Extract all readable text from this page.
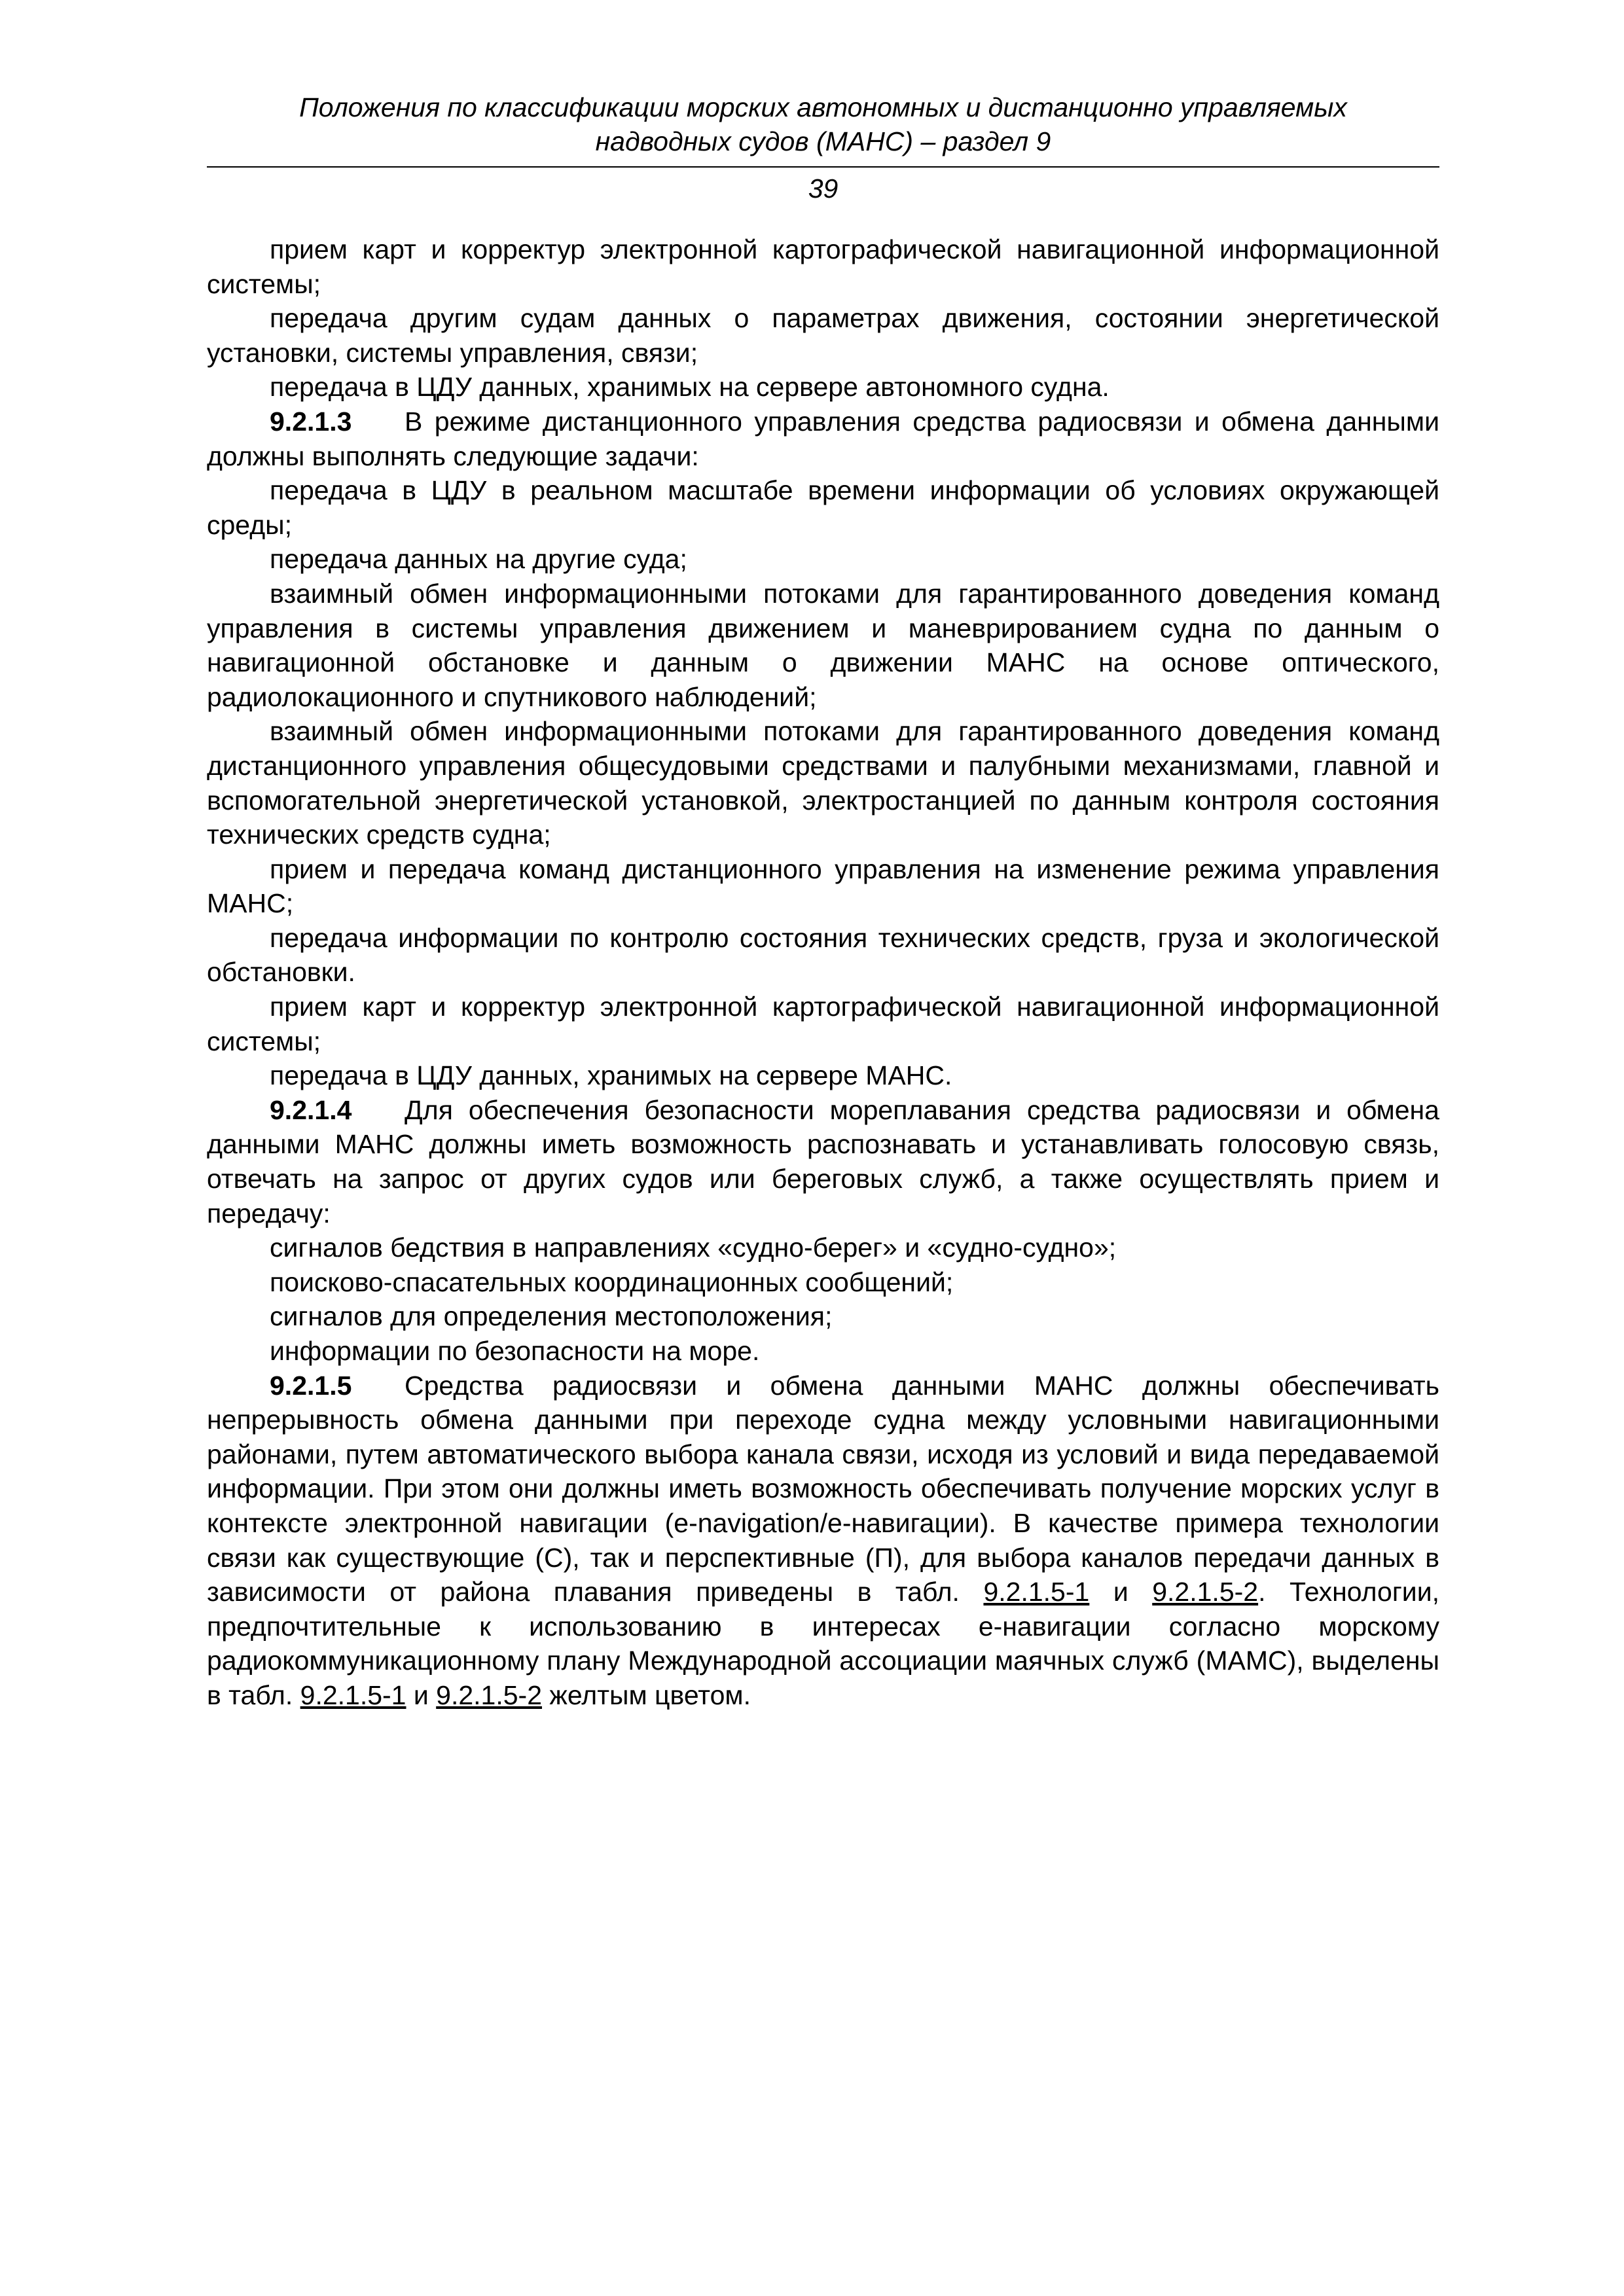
Положения по классификации морских автономных и дистанционно управляемых
надводных судов (МАНС) – раздел 9
39

прием карт и корректур электронной картографической навигационной информационной системы;

передача другим судам данных о параметрах движения, состоянии энергетической установки, системы управления, связи;

передача в ЦДУ данных, хранимых на сервере автономного судна.

9.2.1.3 В режиме дистанционного управления средства радиосвязи и обмена данными должны выполнять следующие задачи:

передача в ЦДУ в реальном масштабе времени информации об условиях окружающей среды;

передача данных на другие суда;

взаимный обмен информационными потоками для гарантированного доведения команд управления в системы управления движением и маневрированием судна по данным о навигационной обстановке и данным о движении МАНС на основе оптического, радиолокационного и спутникового наблюдений;

взаимный обмен информационными потоками для гарантированного доведения команд дистанционного управления общесудовыми средствами и палубными механизмами, главной и вспомогательной энергетической установкой, электростанцией по данным контроля состояния технических средств судна;

прием и передача команд дистанционного управления на изменение режима управления МАНС;

передача информации по контролю состояния технических средств, груза и экологической обстановки.

прием карт и корректур электронной картографической навигационной информационной системы;

передача в ЦДУ данных, хранимых на сервере МАНС.

9.2.1.4 Для обеспечения безопасности мореплавания средства радиосвязи и обмена данными МАНС должны иметь возможность распознавать и устанавливать голосовую связь, отвечать на запрос от других судов или береговых служб, а также осуществлять прием и передачу:

сигналов бедствия в направлениях «судно-берег» и «судно-судно»;

поисково-спасательных координационных сообщений;

сигналов для определения местоположения;

информации по безопасности на море.

9.2.1.5 Средства радиосвязи и обмена данными МАНС должны обеспечивать непрерывность обмена данными при переходе судна между условными навигационными районами, путем автоматического выбора канала связи, исходя из условий и вида передаваемой информации. При этом они должны иметь возможность обеспечивать получение морских услуг в контексте электронной навигации (e-navigation/e-навигации). В качестве примера технологии связи как существующие (С), так и перспективные (П), для выбора каналов передачи данных в зависимости от района плавания приведены в табл. 9.2.1.5-1 и 9.2.1.5-2. Технологии, предпочтительные к использованию в интересах e-навигации согласно морскому радиокоммуникационному плану Международной ассоциации маячных служб (МАМС), выделены в табл. 9.2.1.5-1 и 9.2.1.5-2 желтым цветом.
